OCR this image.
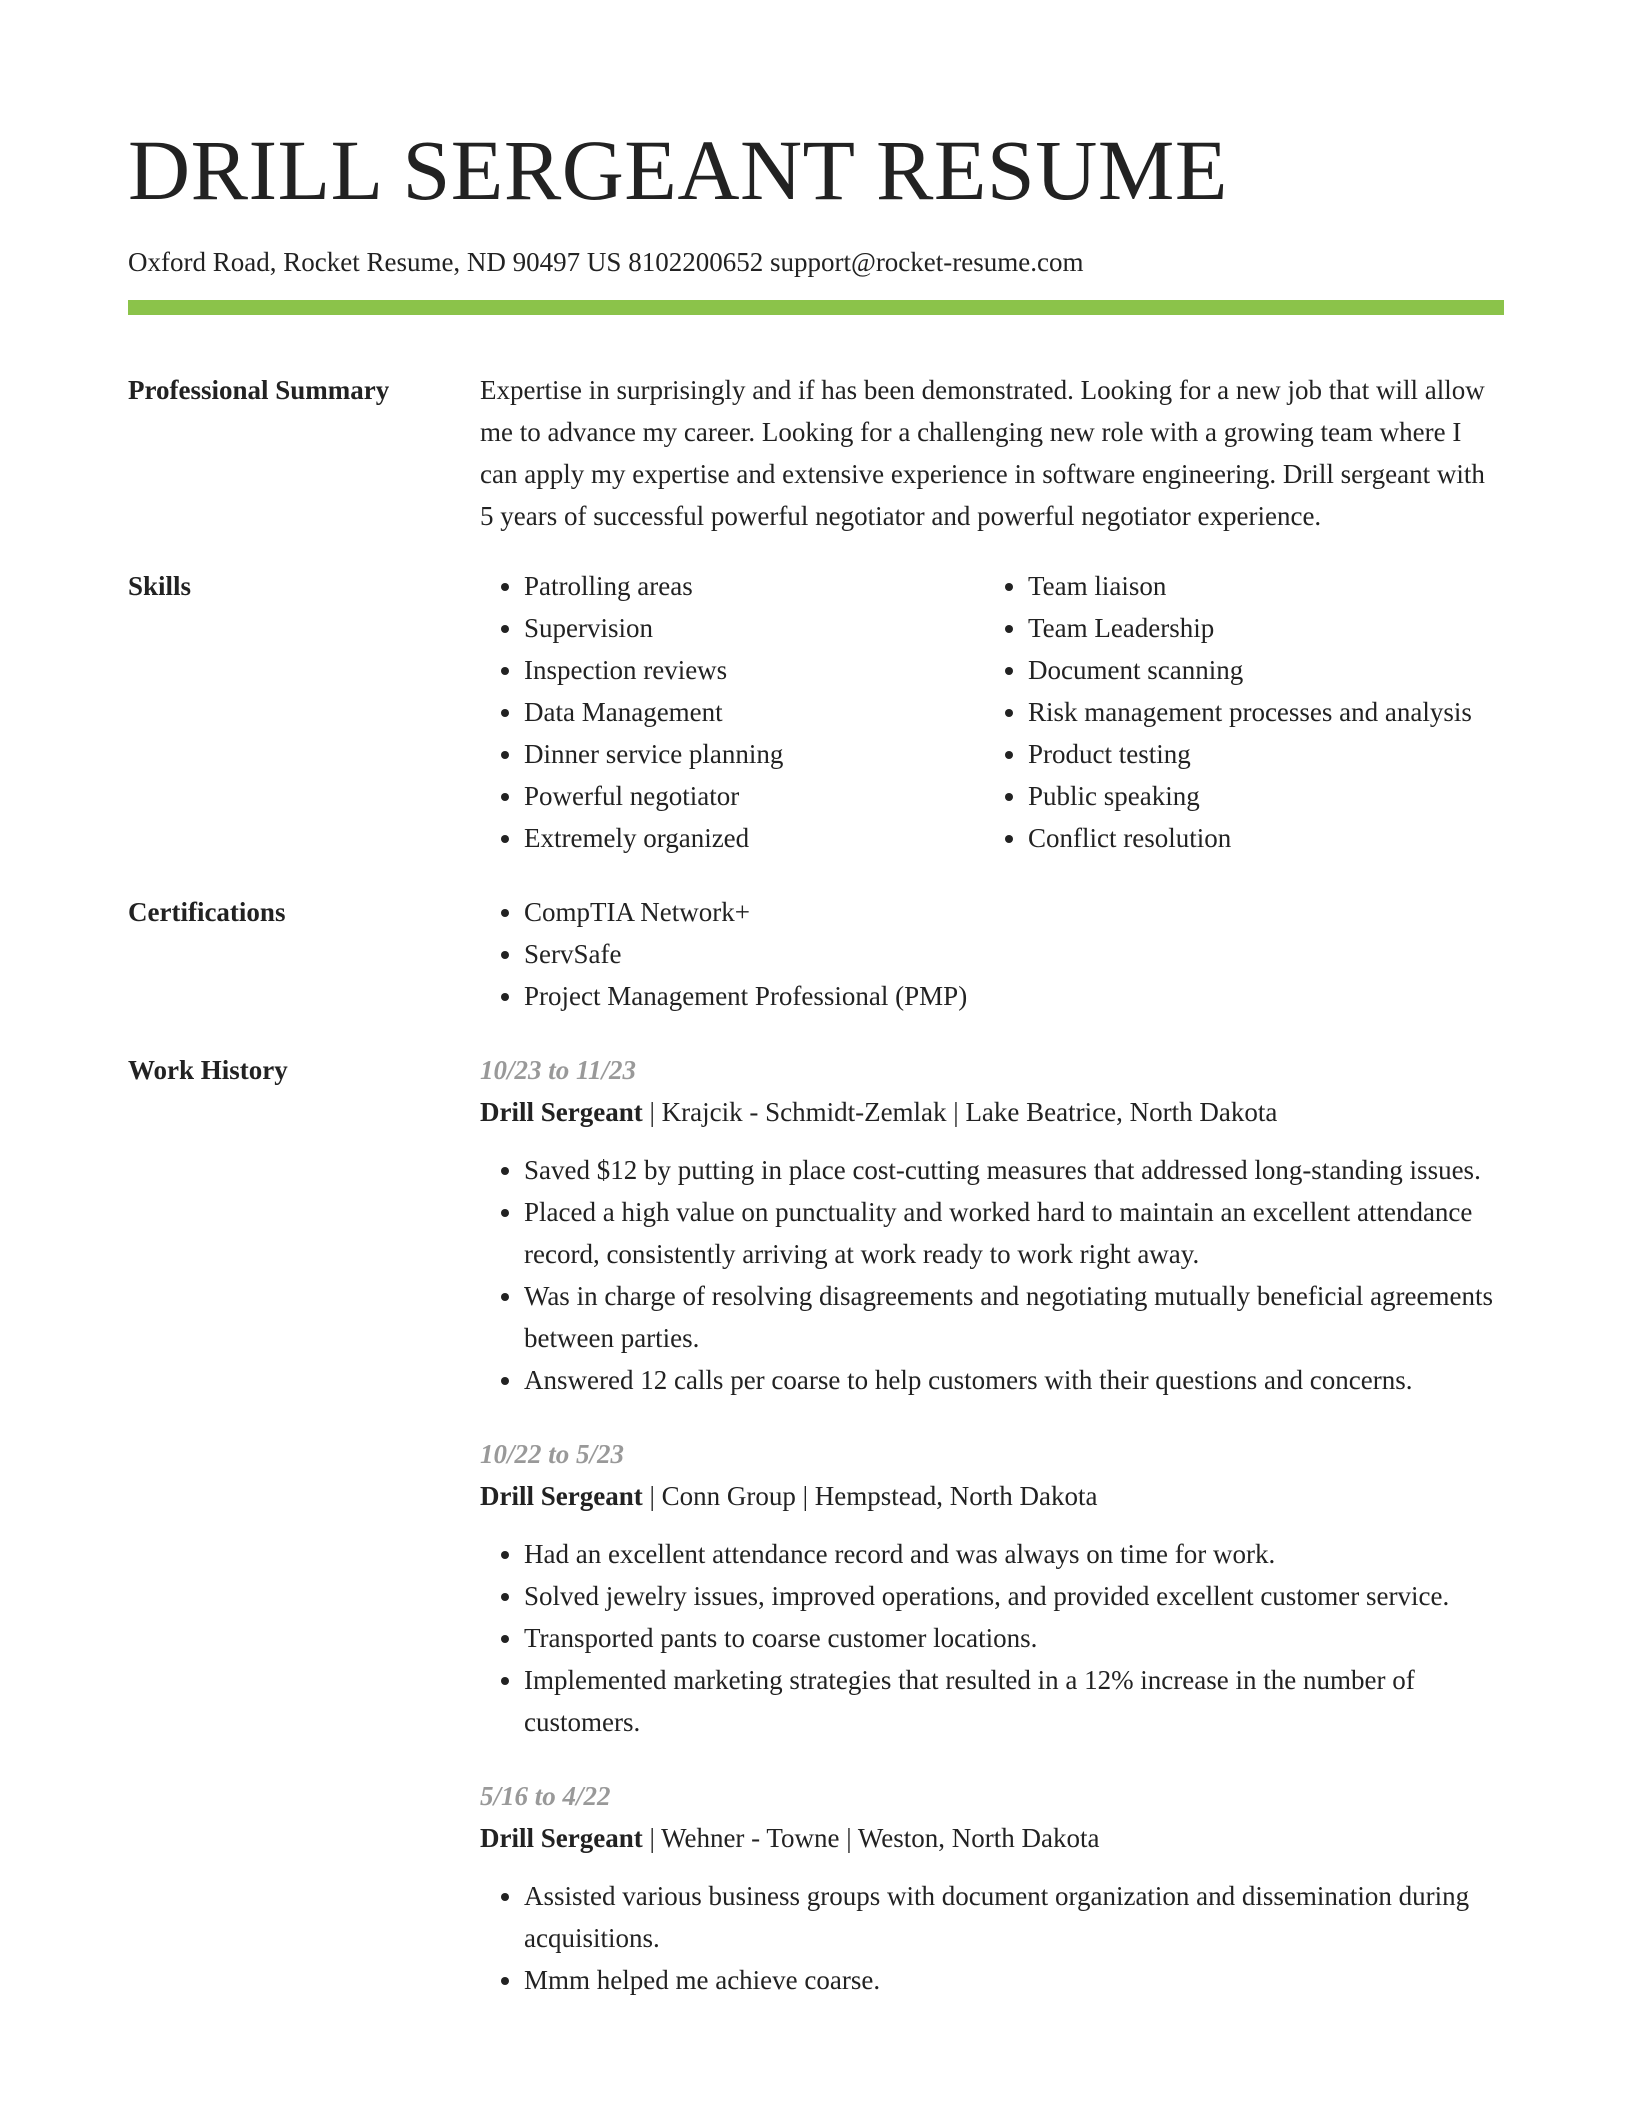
DRILL SERGEANT RESUME
Oxford Road, Rocket Resume, ND 90497 US 8102200652 support@rocket-resume.com
Professional Summary	Expertise in surprisingly and if has been demonstrated. Looking for a new job that will allow me to advance my career. Looking for a challenging new role with a growing team where I can apply my expertise and extensive experience in software engineering. Drill sergeant with 5 years of successful powerful negotiator and powerful negotiator experience.

Skills	• Patrolling areas
• Supervision
• Inspection reviews
• Data Management
• Dinner service planning
• Powerful negotiator
• Extremely organized
• Team liaison
• Team Leadership
• Document scanning
• Risk management processes and analysis
• Product testing
• Public speaking
• Conflict resolution
Certifications	• CompTIA Network+
• ServSafe
• Project Management Professional (PMP)
Work History	10/23 to 11/23
Drill Sergeant | Krajcik - Schmidt-Zemlak | Lake Beatrice, North Dakota
• Saved $12 by putting in place cost-cutting measures that addressed long-standing issues.
• Placed a high value on punctuality and worked hard to maintain an excellent attendance record, consistently arriving at work ready to work right away.
• Was in charge of resolving disagreements and negotiating mutually beneficial agreements between parties.
• Answered 12 calls per coarse to help customers with their questions and concerns.
10/22 to 5/23
Drill Sergeant | Conn Group | Hempstead, North Dakota
• Had an excellent attendance record and was always on time for work.
• Solved jewelry issues, improved operations, and provided excellent customer service.
• Transported pants to coarse customer locations.
• Implemented marketing strategies that resulted in a 12% increase in the number of customers.
5/16 to 4/22
Drill Sergeant | Wehner - Towne | Weston, North Dakota
• Assisted various business groups with document organization and dissemination during acquisitions.
• Mmm helped me achieve coarse.
